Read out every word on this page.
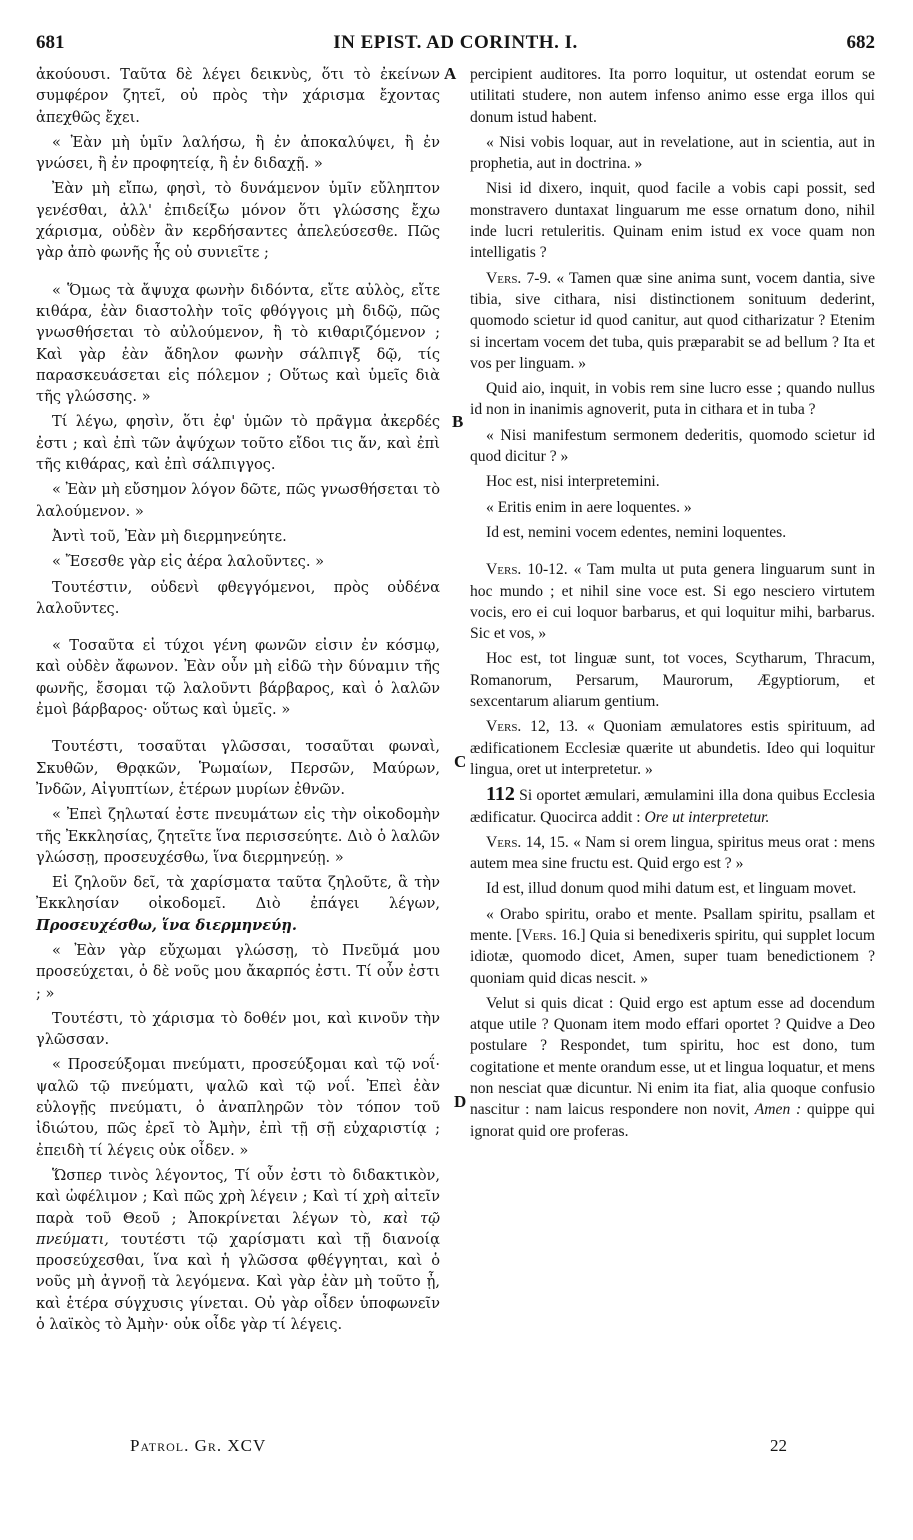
681	IN EPIST. AD CORINTH. I.	682
A
B
C
D

ἀκούουσι. Ταῦτα δὲ λέγει δεικνὺς, ὅτι τὸ ἐκείνων συμφέρον ζητεῖ, οὐ πρὸς τὴν χάρισμα ἔχοντας ἀπεχθῶς ἔχει.

« Ἐὰν μὴ ὑμῖν λαλήσω, ἢ ἐν ἀποκαλύψει, ἢ ἐν γνώσει, ἢ ἐν προφητείᾳ, ἢ ἐν διδαχῇ. »

Ἐὰν μὴ εἴπω, φησὶ, τὸ δυνάμενον ὑμῖν εὔληπτον γενέσθαι, ἀλλ' ἐπιδείξω μόνον ὅτι γλώσσης ἔχω χάρισμα, οὐδὲν ἂν κερδήσαντες ἀπελεύσεσθε. Πῶς γὰρ ἀπὸ φωνῆς ἧς οὐ συνιεῖτε ;

« Ὅμως τὰ ἄψυχα φωνὴν διδόντα, εἴτε αὐλὸς, εἴτε κιθάρα, ἐὰν διαστολὴν τοῖς φθόγγοις μὴ διδῷ, πῶς γνωσθήσεται τὸ αὐλούμενον, ἢ τὸ κιθαριζόμενον ; Καὶ γὰρ ἐὰν ἄδηλον φωνὴν σάλπιγξ δῷ, τίς παρασκευάσεται εἰς πόλεμον ; Οὕτως καὶ ὑμεῖς διὰ τῆς γλώσσης. »

Τί λέγω, φησὶν, ὅτι ἐφ' ὑμῶν τὸ πρᾶγμα ἀκερδές ἐστι ; καὶ ἐπὶ τῶν ἀψύχων τοῦτο εἴδοι τις ἄν, καὶ ἐπὶ τῆς κιθάρας, καὶ ἐπὶ σάλπιγγος.

« Ἐὰν μὴ εὔσημον λόγον δῶτε, πῶς γνωσθήσεται τὸ λαλούμενον. »

Ἀντὶ τοῦ, Ἐὰν μὴ διερμηνεύητε.

« Ἔσεσθε γὰρ εἰς ἀέρα λαλοῦντες. »

Τουτέστιν, οὐδενὶ φθεγγόμενοι, πρὸς οὐδένα λαλοῦντες.

« Τοσαῦτα εἰ τύχοι γένη φωνῶν εἰσιν ἐν κόσμῳ, καὶ οὐδὲν ἄφωνον. Ἐὰν οὖν μὴ εἰδῶ τὴν δύναμιν τῆς φωνῆς, ἔσομαι τῷ λαλοῦντι βάρβαρος, καὶ ὁ λαλῶν ἐμοὶ βάρβαρος· οὕτως καὶ ὑμεῖς. »

Τουτέστι, τοσαῦται γλῶσσαι, τοσαῦται φωναὶ, Σκυθῶν, Θρᾳκῶν, Ῥωμαίων, Περσῶν, Μαύρων, Ἰνδῶν, Αἰγυπτίων, ἑτέρων μυρίων ἐθνῶν.

« Ἐπεὶ ζηλωταί ἐστε πνευμάτων εἰς τὴν οἰκοδομὴν τῆς Ἐκκλησίας, ζητεῖτε ἵνα περισσεύητε. Διὸ ὁ λαλῶν γλώσσῃ, προσευχέσθω, ἵνα διερμηνεύῃ. »

Εἰ ζηλοῦν δεῖ, τὰ χαρίσματα ταῦτα ζηλοῦτε, ἃ τὴν Ἐκκλησίαν οἰκοδομεῖ. Διὸ ἐπάγει λέγων, Προσευχέσθω, ἵνα διερμηνεύῃ.

« Ἐὰν γὰρ εὔχωμαι γλώσσῃ, τὸ Πνεῦμά μου προσεύχεται, ὁ δὲ νοῦς μου ἄκαρπός ἐστι. Τί οὖν ἐστι ; »

Τουτέστι, τὸ χάρισμα τὸ δοθέν μοι, καὶ κινοῦν τὴν γλῶσσαν.

« Προσεύξομαι πνεύματι, προσεύξομαι καὶ τῷ νοΐ· ψαλῶ τῷ πνεύματι, ψαλῶ καὶ τῷ νοΐ. Ἐπεὶ ἐὰν εὐλογῇς πνεύματι, ὁ ἀναπληρῶν τὸν τόπον τοῦ ἰδιώτου, πῶς ἐρεῖ τὸ Ἀμὴν, ἐπὶ τῇ σῇ εὐχαριστίᾳ ; ἐπειδὴ τί λέγεις οὐκ οἶδεν. »

Ὥσπερ τινὸς λέγοντος, Τί οὖν ἐστι τὸ διδακτικὸν, καὶ ὠφέλιμον ; Καὶ πῶς χρὴ λέγειν ; Καὶ τί χρὴ αἰτεῖν παρὰ τοῦ Θεοῦ ; Ἀποκρίνεται λέγων τὸ, καὶ τῷ πνεύματι, τουτέστι τῷ χαρίσματι καὶ τῇ διανοίᾳ προσεύχεσθαι, ἵνα καὶ ἡ γλῶσσα φθέγγηται, καὶ ὁ νοῦς μὴ ἀγνοῇ τὰ λεγόμενα. Καὶ γὰρ ἐὰν μὴ τοῦτο ᾖ, καὶ ἑτέρα σύγχυσις γίνεται. Οὐ γὰρ οἶδεν ὑποφωνεῖν ὁ λαϊκὸς τὸ Ἀμὴν· οὐκ οἶδε γὰρ τί λέγεις.

percipient auditores. Ita porro loquitur, ut ostendat eorum se utilitati studere, non autem infenso animo esse erga illos qui donum istud habent.

« Nisi vobis loquar, aut in revelatione, aut in scientia, aut in prophetia, aut in doctrina. »

Nisi id dixero, inquit, quod facile a vobis capi possit, sed monstravero duntaxat linguarum me esse ornatum dono, nihil inde lucri retuleritis. Quinam enim istud ex voce quam non intelligatis ?

Vers. 7-9. « Tamen quæ sine anima sunt, vocem dantia, sive tibia, sive cithara, nisi distinctionem sonituum dederint, quomodo scietur id quod canitur, aut quod citharizatur ? Etenim si incertam vocem det tuba, quis præparabit se ad bellum ? Ita et vos per linguam. »

Quid aio, inquit, in vobis rem sine lucro esse ; quando nullus id non in inanimis agnoverit, puta in cithara et in tuba ?

« Nisi manifestum sermonem dederitis, quomodo scietur id quod dicitur ? »

Hoc est, nisi interpretemini.

« Eritis enim in aere loquentes. »

Id est, nemini vocem edentes, nemini loquentes.

Vers. 10-12. « Tam multa ut puta genera linguarum sunt in hoc mundo ; et nihil sine voce est. Si ego nesciero virtutem vocis, ero ei cui loquor barbarus, et qui loquitur mihi, barbarus. Sic et vos, »

Hoc est, tot linguæ sunt, tot voces, Scytharum, Thracum, Romanorum, Persarum, Maurorum, Ægyptiorum, et sexcentarum aliarum gentium.

Vers. 12, 13. « Quoniam æmulatores estis spirituum, ad ædificationem Ecclesiæ quærite ut abundetis. Ideo qui loquitur lingua, oret ut interpretetur. »

112 Si oportet æmulari, æmulamini illa dona quibus Ecclesia ædificatur. Quocirca addit : Ore ut interpretetur.

Vers. 14, 15. « Nam si orem lingua, spiritus meus orat : mens autem mea sine fructu est. Quid ergo est ? »

Id est, illud donum quod mihi datum est, et linguam movet.

« Orabo spiritu, orabo et mente. Psallam spiritu, psallam et mente. [Vers. 16.] Quia si benedixeris spiritu, qui supplet locum idiotæ, quomodo dicet, Amen, super tuam benedictionem ? quoniam quid dicas nescit. »

Velut si quis dicat : Quid ergo est aptum esse ad docendum atque utile ? Quonam item modo effari oportet ? Quidve a Deo postulare ? Respondet, tum spiritu, hoc est dono, tum cogitatione et mente orandum esse, ut et lingua loquatur, et mens non nesciat quæ dicuntur. Ni enim ita fiat, alia quoque confusio nascitur : nam laicus respondere non novit, Amen : quippe qui ignorat quid ore proferas.

Patrol. Gr. XCV	22
